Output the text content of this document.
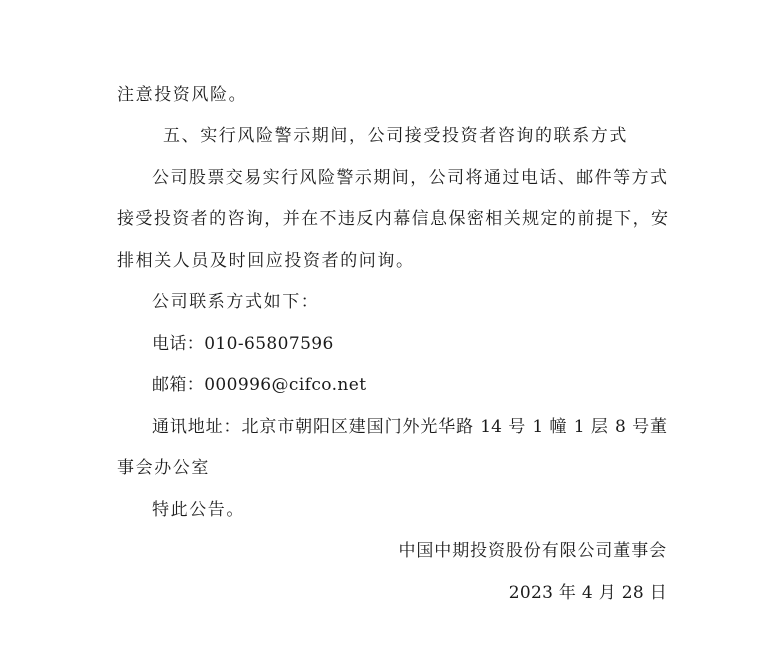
注意投资风险。
五、实行风险警示期间，公司接受投资者咨询的联系方式
公司股票交易实行风险警示期间，公司将通过电话、邮件等方式
接受投资者的咨询，并在不违反内幕信息保密相关规定的前提下，安
排相关人员及时回应投资者的问询。
公司联系方式如下：
电话：010-65807596
邮箱：000996@cifco.net
通讯地址：北京市朝阳区建国门外光华路 14 号 1 幢 1 层 8 号董
事会办公室
特此公告。
中国中期投资股份有限公司董事会
2023 年 4 月 28 日
